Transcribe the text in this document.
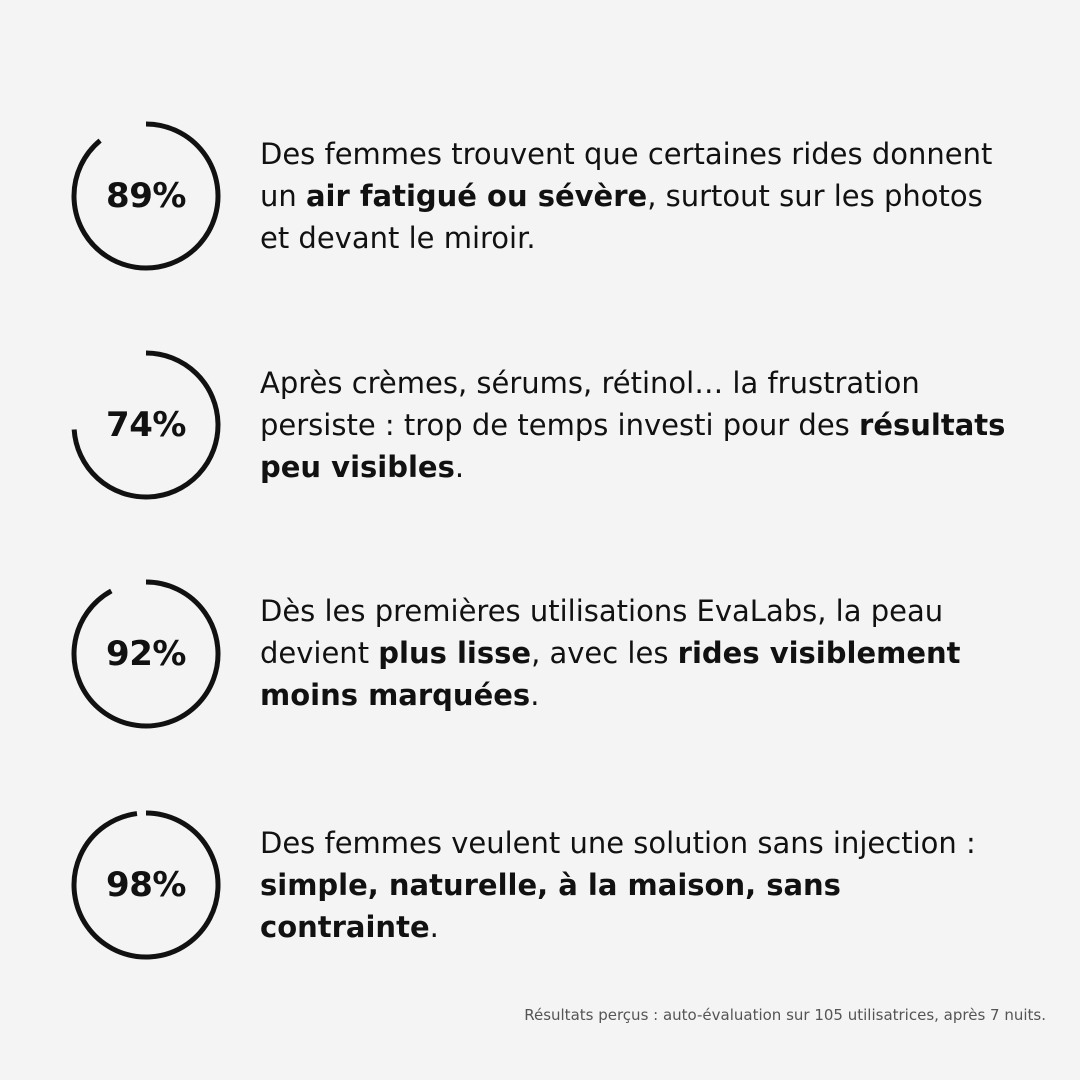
89%
Des femmes trouvent que certaines rides donnent un air fatigué ou sévère, surtout sur les photos et devant le miroir.
74%
Après crèmes, sérums, rétinol… la frustration persiste : trop de temps investi pour des résultats peu visibles.
92%
Dès les premières utilisations EvaLabs, la peau devient plus lisse, avec les rides visiblement moins marquées.
98%
Des femmes veulent une solution sans injection : simple, naturelle, à la maison, sans contrainte.
Résultats perçus : auto-évaluation sur 105 utilisatrices, après 7 nuits.
